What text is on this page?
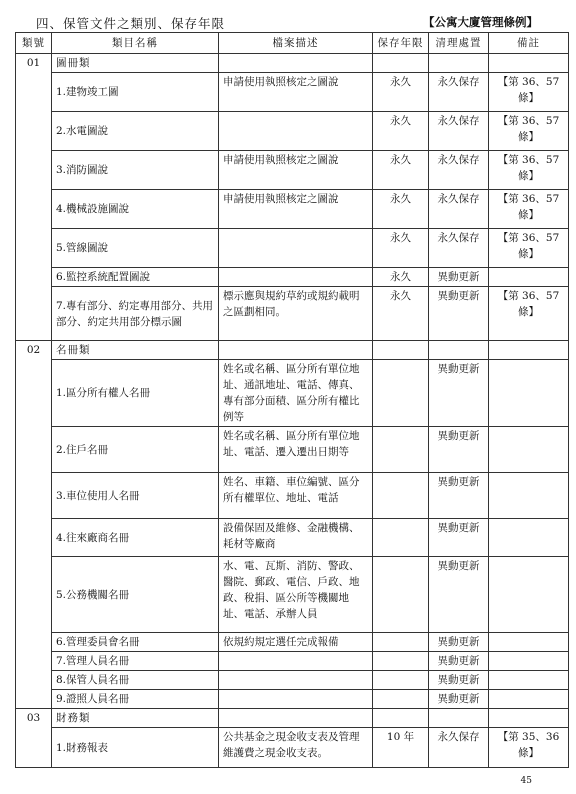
四、保管文件之類別、保存年限	【公寓大廈管理條例】
類號	類目名稱	檔案描述	保存年限	清理處置	備註
01	圖冊類				
	1.建物竣工圖	申請使用執照核定之圖說	永久	永久保存	【第 36、57 條】
	2.水電圖說		永久	永久保存	【第 36、57 條】
	3.消防圖說	申請使用執照核定之圖說	永久	永久保存	【第 36、57 條】
	4.機械設施圖說	申請使用執照核定之圖說	永久	永久保存	【第 36、57 條】
	5.管線圖說		永久	永久保存	【第 36、57 條】
	6.監控系統配置圖說		永久	異動更新	
	7.專有部分、約定專用部分、共用部分、約定共用部分標示圖	標示應與規約草約或規約載明之區劃相同。	永久	異動更新	【第 36、57 條】
02	名冊類				
	1.區分所有權人名冊	姓名或名稱、區分所有單位地址、通訊地址、電話、傳真、專有部分面積、區分所有權比例等		異動更新	
	2.住戶名冊	姓名或名稱、區分所有單位地址、電話、遷入遷出日期等		異動更新	
	3.車位使用人名冊	姓名、車籍、車位編號、區分所有權單位、地址、電話		異動更新	
	4.往來廠商名冊	設備保固及維修、金融機構、耗材等廠商		異動更新	
	5.公務機關名冊	水、電、瓦斯、消防、警政、醫院、郵政、電信、戶政、地政、稅捐、區公所等機關地址、電話、承辦人員		異動更新	
	6.管理委員會名冊	依規約規定選任完成報備		異動更新	
	7.管理人員名冊			異動更新	
	8.保管人員名冊			異動更新	
	9.證照人員名冊			異動更新	
03	財務類				
	1.財務報表	公共基金之現金收支表及管理維護費之現金收支表。	10 年	永久保存	【第 35、36 條】
45
